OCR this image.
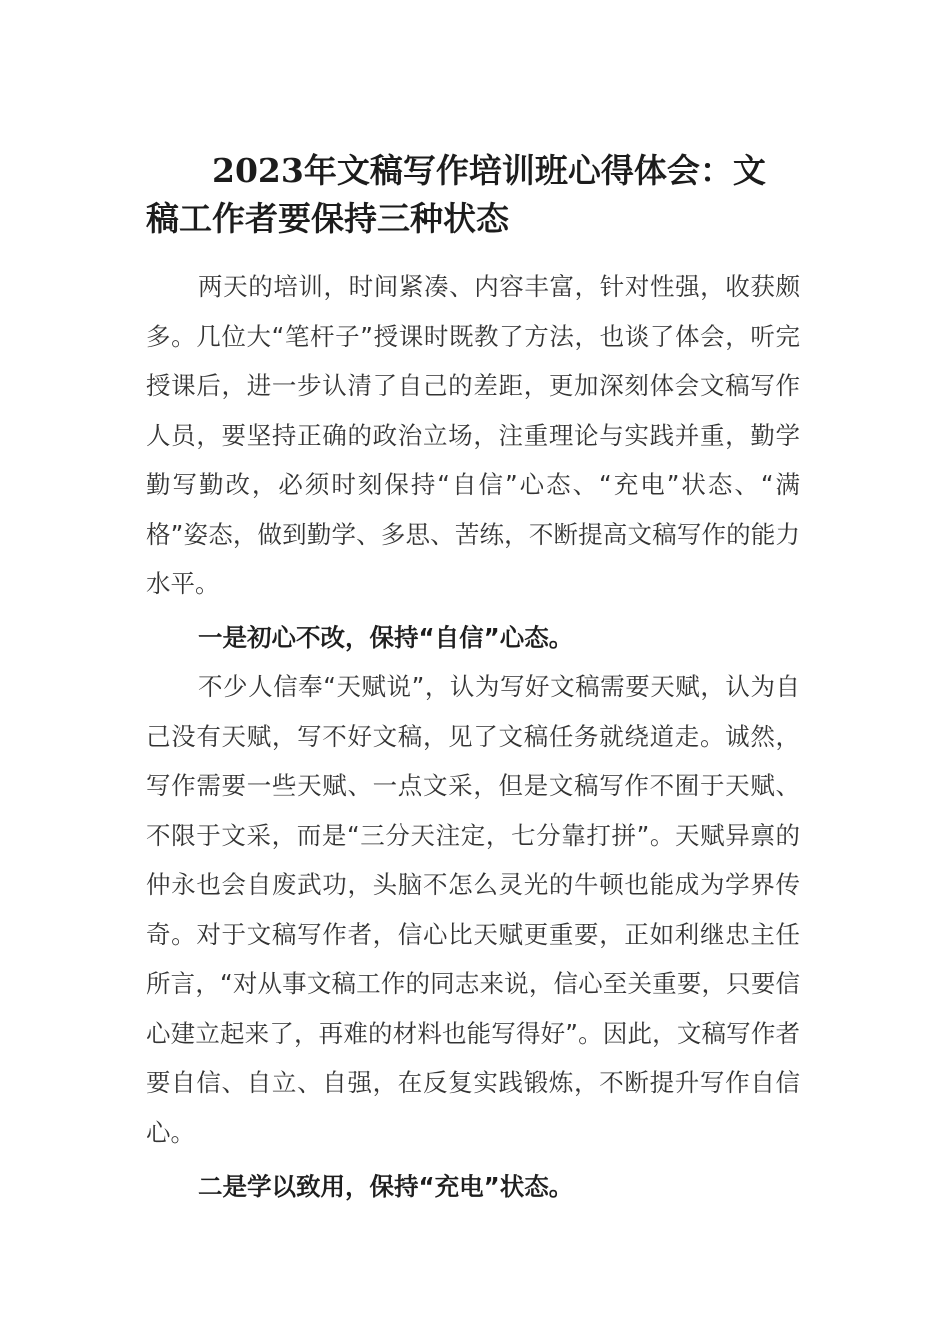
2023年文稿写作培训班心得体会：文稿工作者要保持三种状态

两天的培训，时间紧凑、内容丰富，针对性强，收获颇多。几位大“笔杆子”授课时既教了方法，也谈了体会，听完授课后，进一步认清了自己的差距，更加深刻体会文稿写作人员，要坚持正确的政治立场，注重理论与实践并重，勤学勤写勤改，必须时刻保持“自信”心态、“充电”状态、“满格”姿态，做到勤学、多思、苦练，不断提高文稿写作的能力水平。

一是初心不改，保持“自信”心态。

不少人信奉“天赋说”，认为写好文稿需要天赋，认为自己没有天赋，写不好文稿，见了文稿任务就绕道走。诚然，写作需要一些天赋、一点文采，但是文稿写作不囿于天赋、不限于文采，而是“三分天注定，七分靠打拼”。天赋异禀的仲永也会自废武功，头脑不怎么灵光的牛顿也能成为学界传奇。对于文稿写作者，信心比天赋更重要，正如利继忠主任所言，“对从事文稿工作的同志来说，信心至关重要，只要信心建立起来了，再难的材料也能写得好”。因此，文稿写作者要自信、自立、自强，在反复实践锻炼，不断提升写作自信心。

二是学以致用，保持“充电”状态。
